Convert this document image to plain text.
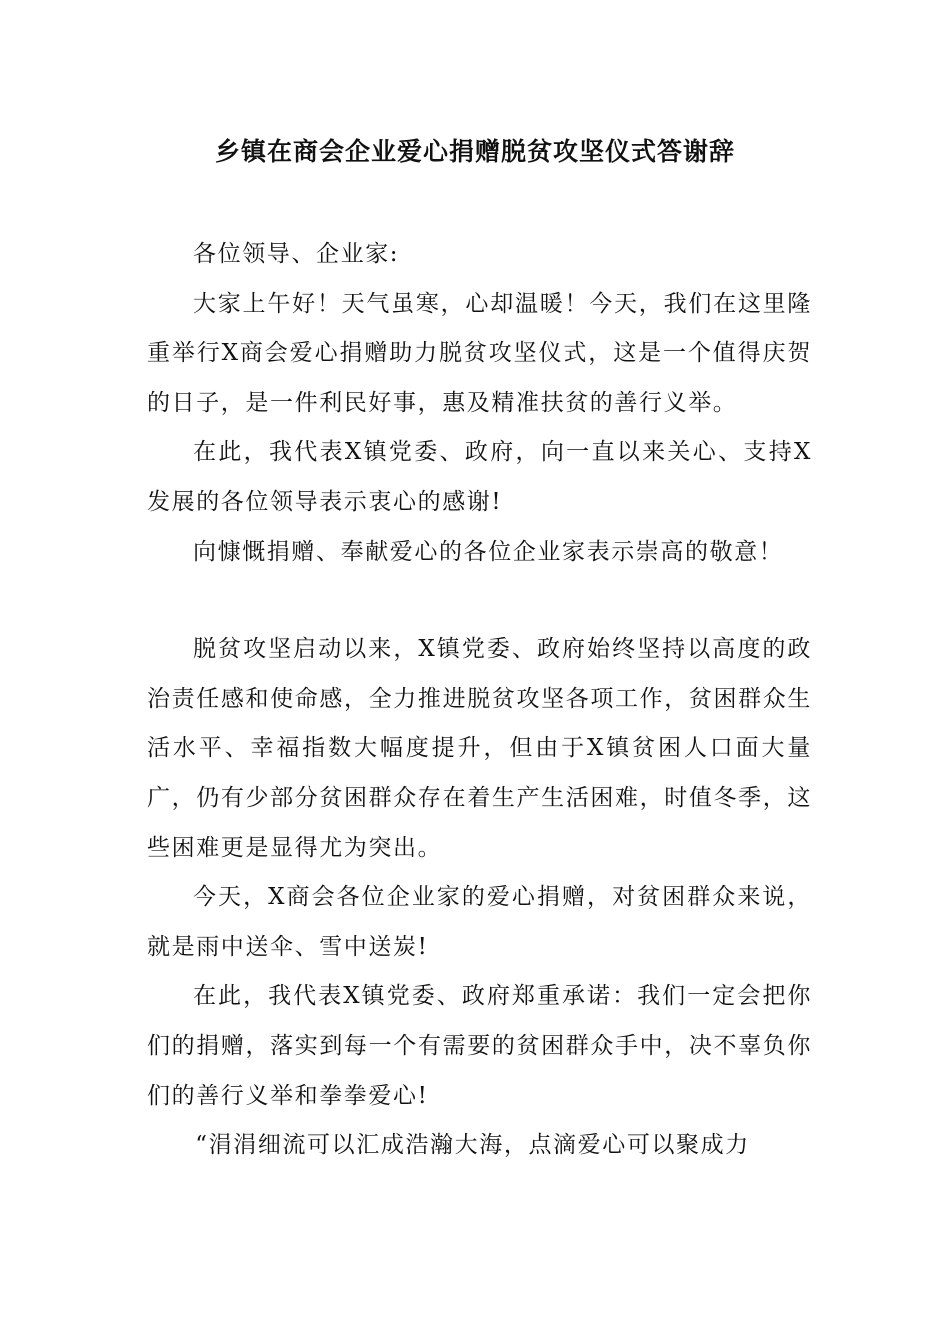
乡镇在商会企业爱心捐赠脱贫攻坚仪式答谢辞

各位领导、企业家:

大家上午好！天气虽寒，心却温暖！今天，我们在这里隆重举行X商会爱心捐赠助力脱贫攻坚仪式，这是一个值得庆贺的日子，是一件利民好事，惠及精准扶贫的善行义举。

在此，我代表X镇党委、政府，向一直以来关心、支持X发展的各位领导表示衷心的感谢!

向慷慨捐赠、奉献爱心的各位企业家表示崇高的敬意！

脱贫攻坚启动以来，X镇党委、政府始终坚持以高度的政治责任感和使命感，全力推进脱贫攻坚各项工作，贫困群众生活水平、幸福指数大幅度提升，但由于X镇贫困人口面大量广，仍有少部分贫困群众存在着生产生活困难，时值冬季，这些困难更是显得尤为突出。

今天，X商会各位企业家的爱心捐赠，对贫困群众来说，就是雨中送伞、雪中送炭!

在此，我代表X镇党委、政府郑重承诺：我们一定会把你们的捐赠，落实到每一个有需要的贫困群众手中，决不辜负你们的善行义举和拳拳爱心!

“涓涓细流可以汇成浩瀚大海，点滴爱心可以聚成力
